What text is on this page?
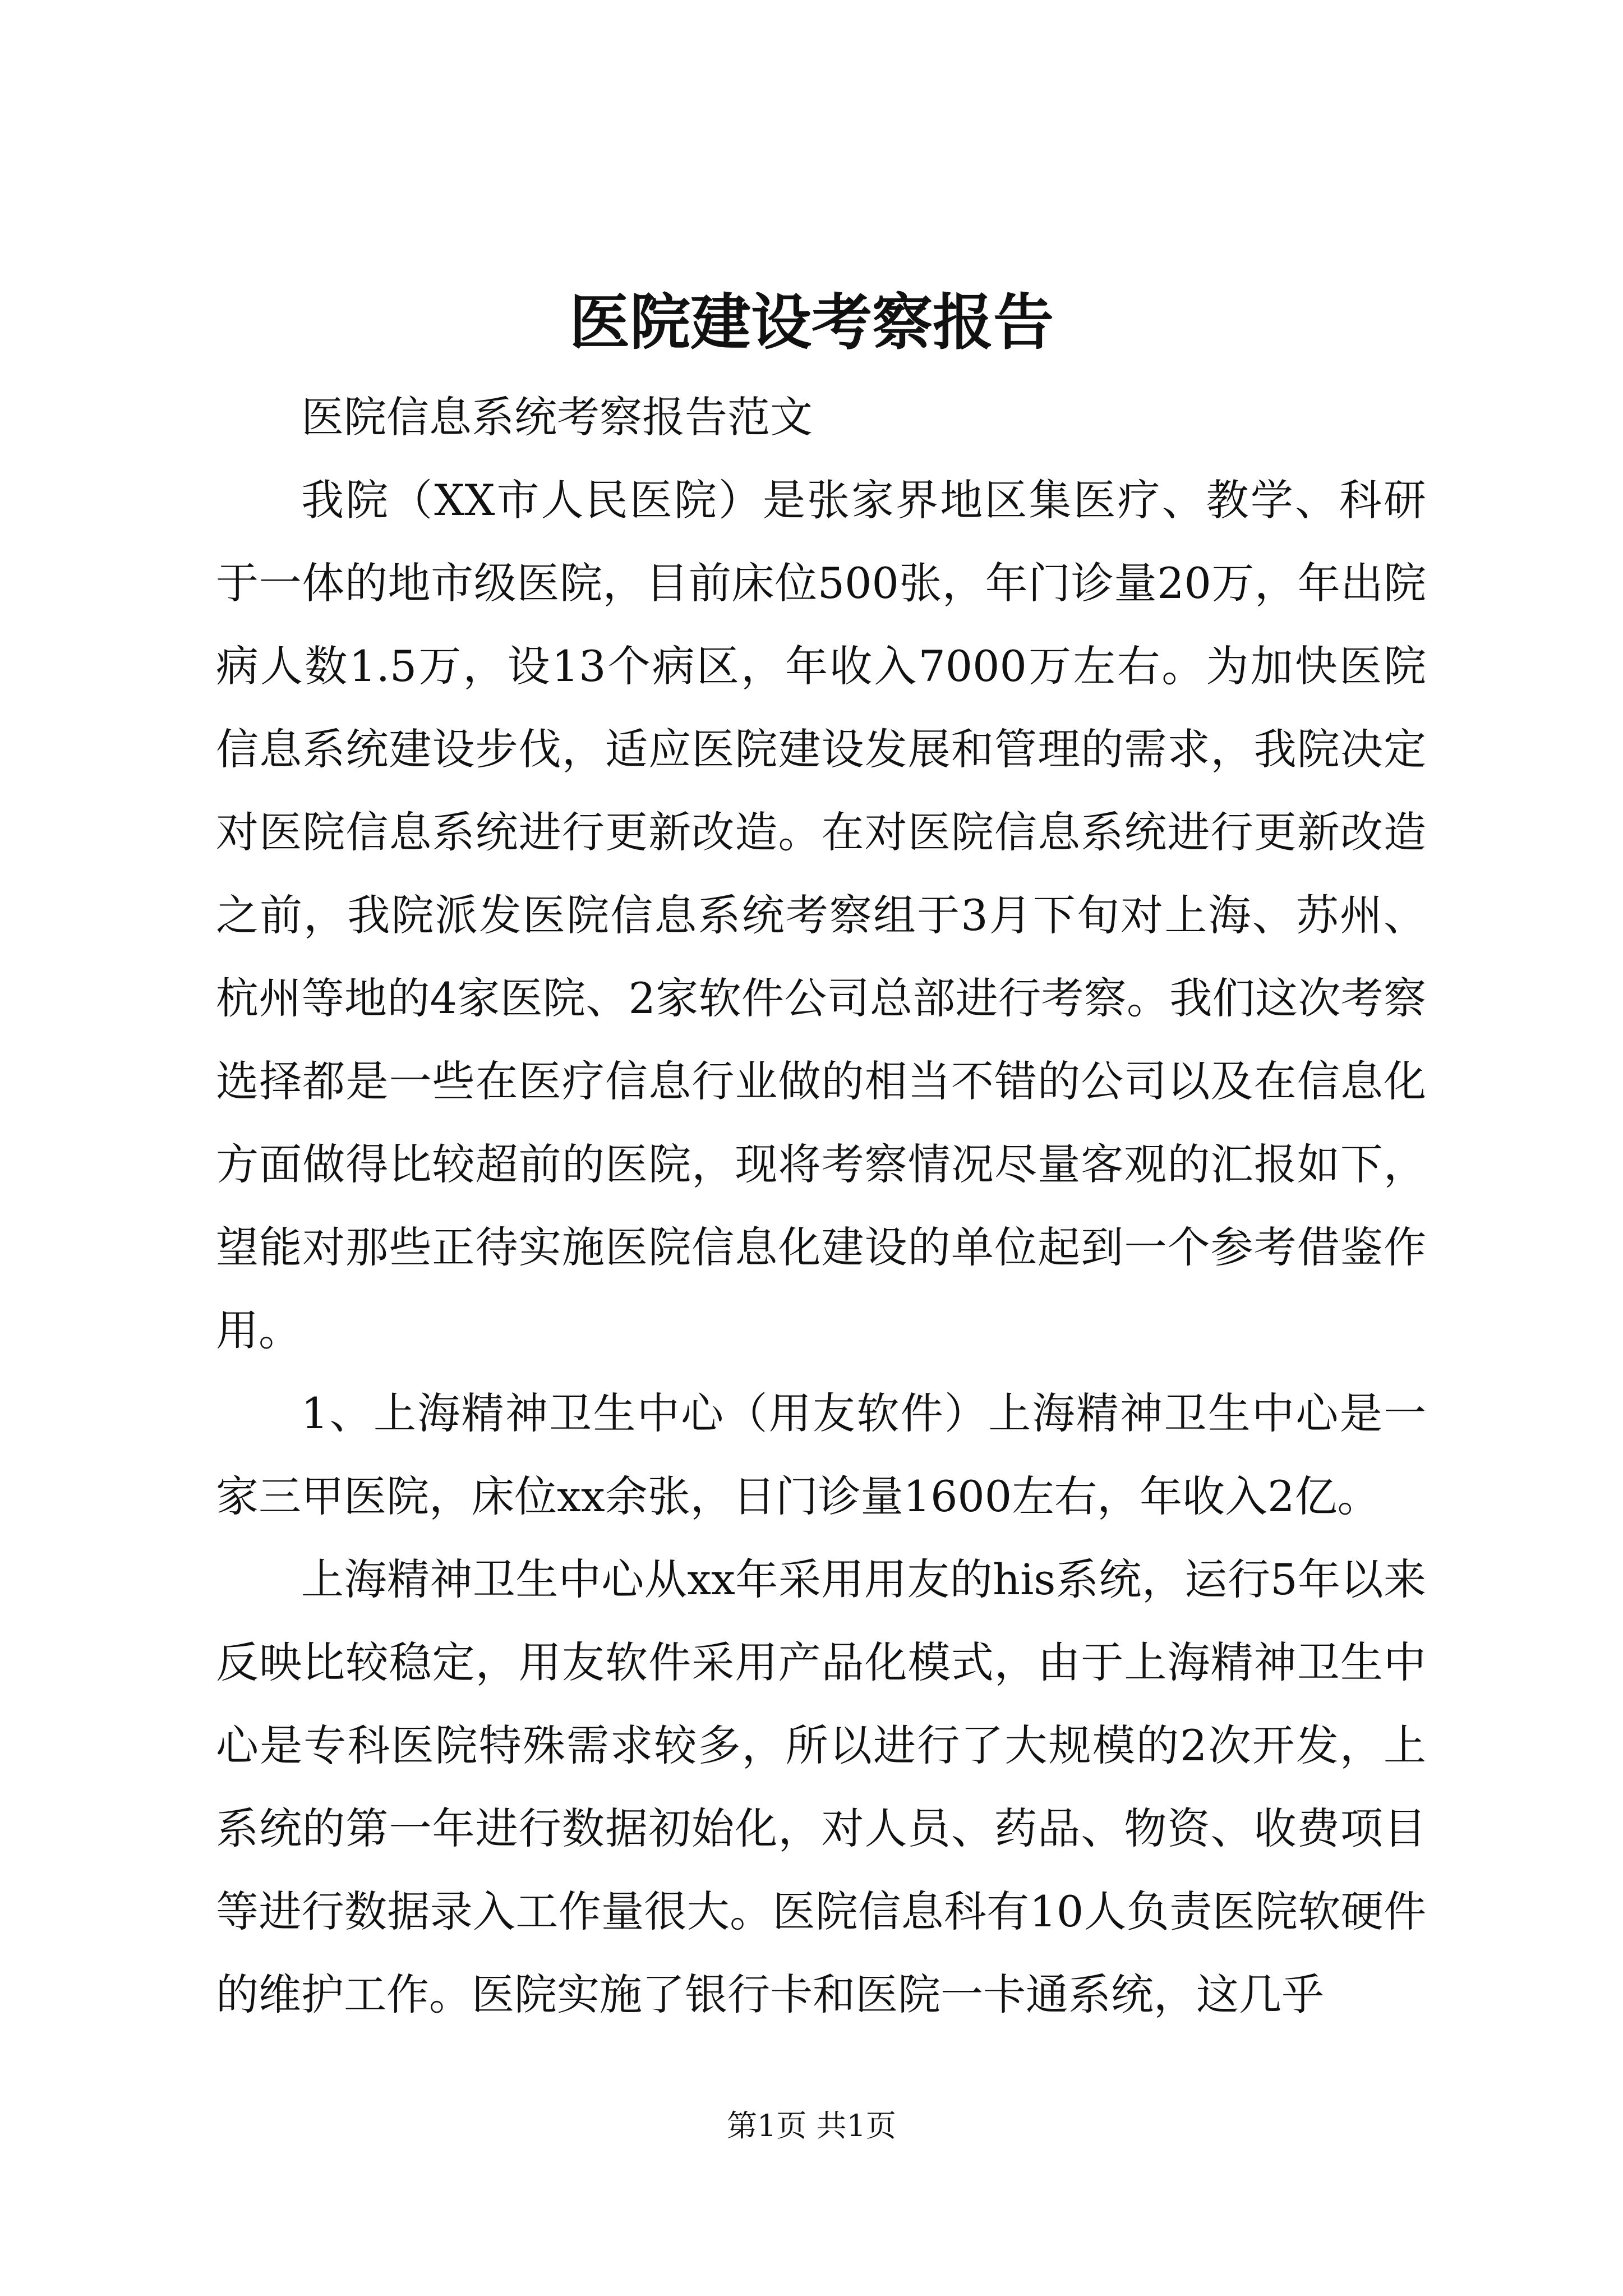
医院建设考察报告

医院信息系统考察报告范文

我院（XX市人民医院）是张家界地区集医疗、教学、科研于一体的地市级医院，目前床位500张，年门诊量20万，年出院病人数1.5万，设13个病区，年收入7000万左右。为加快医院信息系统建设步伐，适应医院建设发展和管理的需求，我院决定对医院信息系统进行更新改造。在对医院信息系统进行更新改造之前，我院派发医院信息系统考察组于3月下旬对上海、苏州、杭州等地的4家医院、2家软件公司总部进行考察。我们这次考察选择都是一些在医疗信息行业做的相当不错的公司以及在信息化方面做得比较超前的医院，现将考察情况尽量客观的汇报如下，望能对那些正待实施医院信息化建设的单位起到一个参考借鉴作用。

1、上海精神卫生中心（用友软件）上海精神卫生中心是一家三甲医院，床位xx余张，日门诊量1600左右，年收入2亿。

上海精神卫生中心从xx年采用用友的his系统，运行5年以来反映比较稳定，用友软件采用产品化模式，由于上海精神卫生中心是专科医院特殊需求较多，所以进行了大规模的2次开发，上系统的第一年进行数据初始化，对人员、药品、物资、收费项目等进行数据录入工作量很大。医院信息科有10人负责医院软硬件的维护工作。医院实施了银行卡和医院一卡通系统，这几乎

第1页 共1页
